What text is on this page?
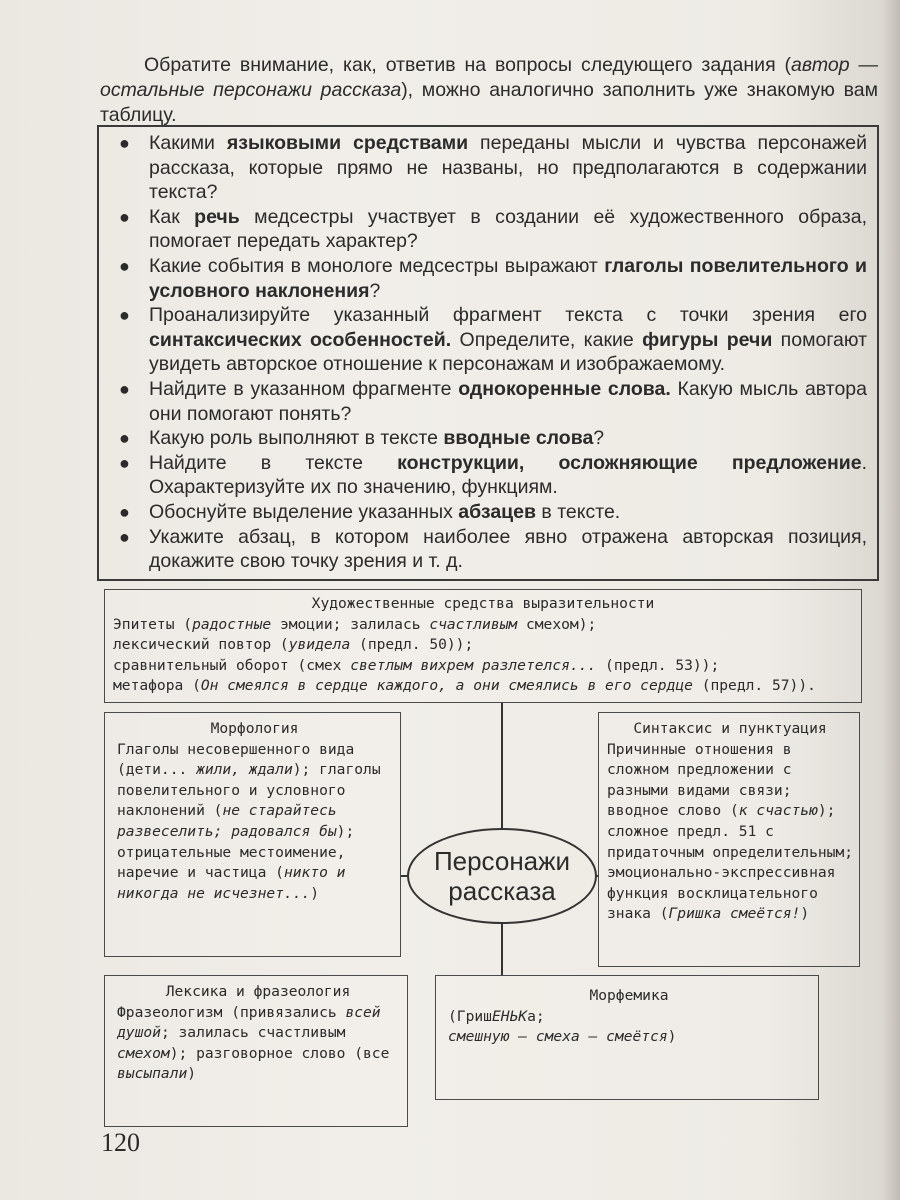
Обратите внимание, как, ответив на вопросы следующего задания (автор — остальные персонажи рассказа), можно аналогично заполнить уже знакомую вам таблицу.
● Какими языковыми средствами переданы мысли и чувства персонажей рассказа, которые прямо не названы, но предполагаются в содержании текста?
● Как речь медсестры участвует в создании её художественного образа, помогает передать характер?
● Какие события в монологе медсестры выражают глаголы повелительного и условного наклонения?
● Проанализируйте указанный фрагмент текста с точки зрения его синтаксических особенностей. Определите, какие фигуры речи помогают увидеть авторское отношение к персонажам и изображаемому.
● Найдите в указанном фрагменте однокоренные слова. Какую мысль автора они помогают понять?
● Какую роль выполняют в тексте вводные слова?
● Найдите в тексте конструкции, осложняющие предложение. Охарактеризуйте их по значению, функциям.
● Обоснуйте выделение указанных абзацев в тексте.
● Укажите абзац, в котором наиболее явно отражена авторская позиция, докажите свою точку зрения и т. д.
Художественные средства выразительности
Эпитеты (радостные эмоции; залилась счастливым смехом);
лексический повтор (увидела (предл. 50));
сравнительный оборот (смех светлым вихрем разлетелся... (предл. 53));
метафора (Он смеялся в сердце каждого, а они смеялись в его сердце (предл. 57)).
Морфология
Глаголы несовершенного вида (дети... жили, ждали); глаголы повелительного и условного наклонений (не старайтесь развеселить; радовался бы); отрицательные местоимение, наречие и частица (никто и никогда не исчезнет...)
Синтаксис и пунктуация
Причинные отношения в сложном предложении с разными видами связи; вводное слово (к счастью); сложное предл. 51 с придаточным определительным; эмоционально-экспрессивная функция восклицательного знака (Гришка смеётся!)
Персонажи
рассказа
Лексика и фразеология
Фразеологизм (привязались всей душой; залилась счастливым смехом); разговорное слово (все высыпали)
Морфемика
(ГришЕНЬКа;
смешную — смеха — смеётся)
120
